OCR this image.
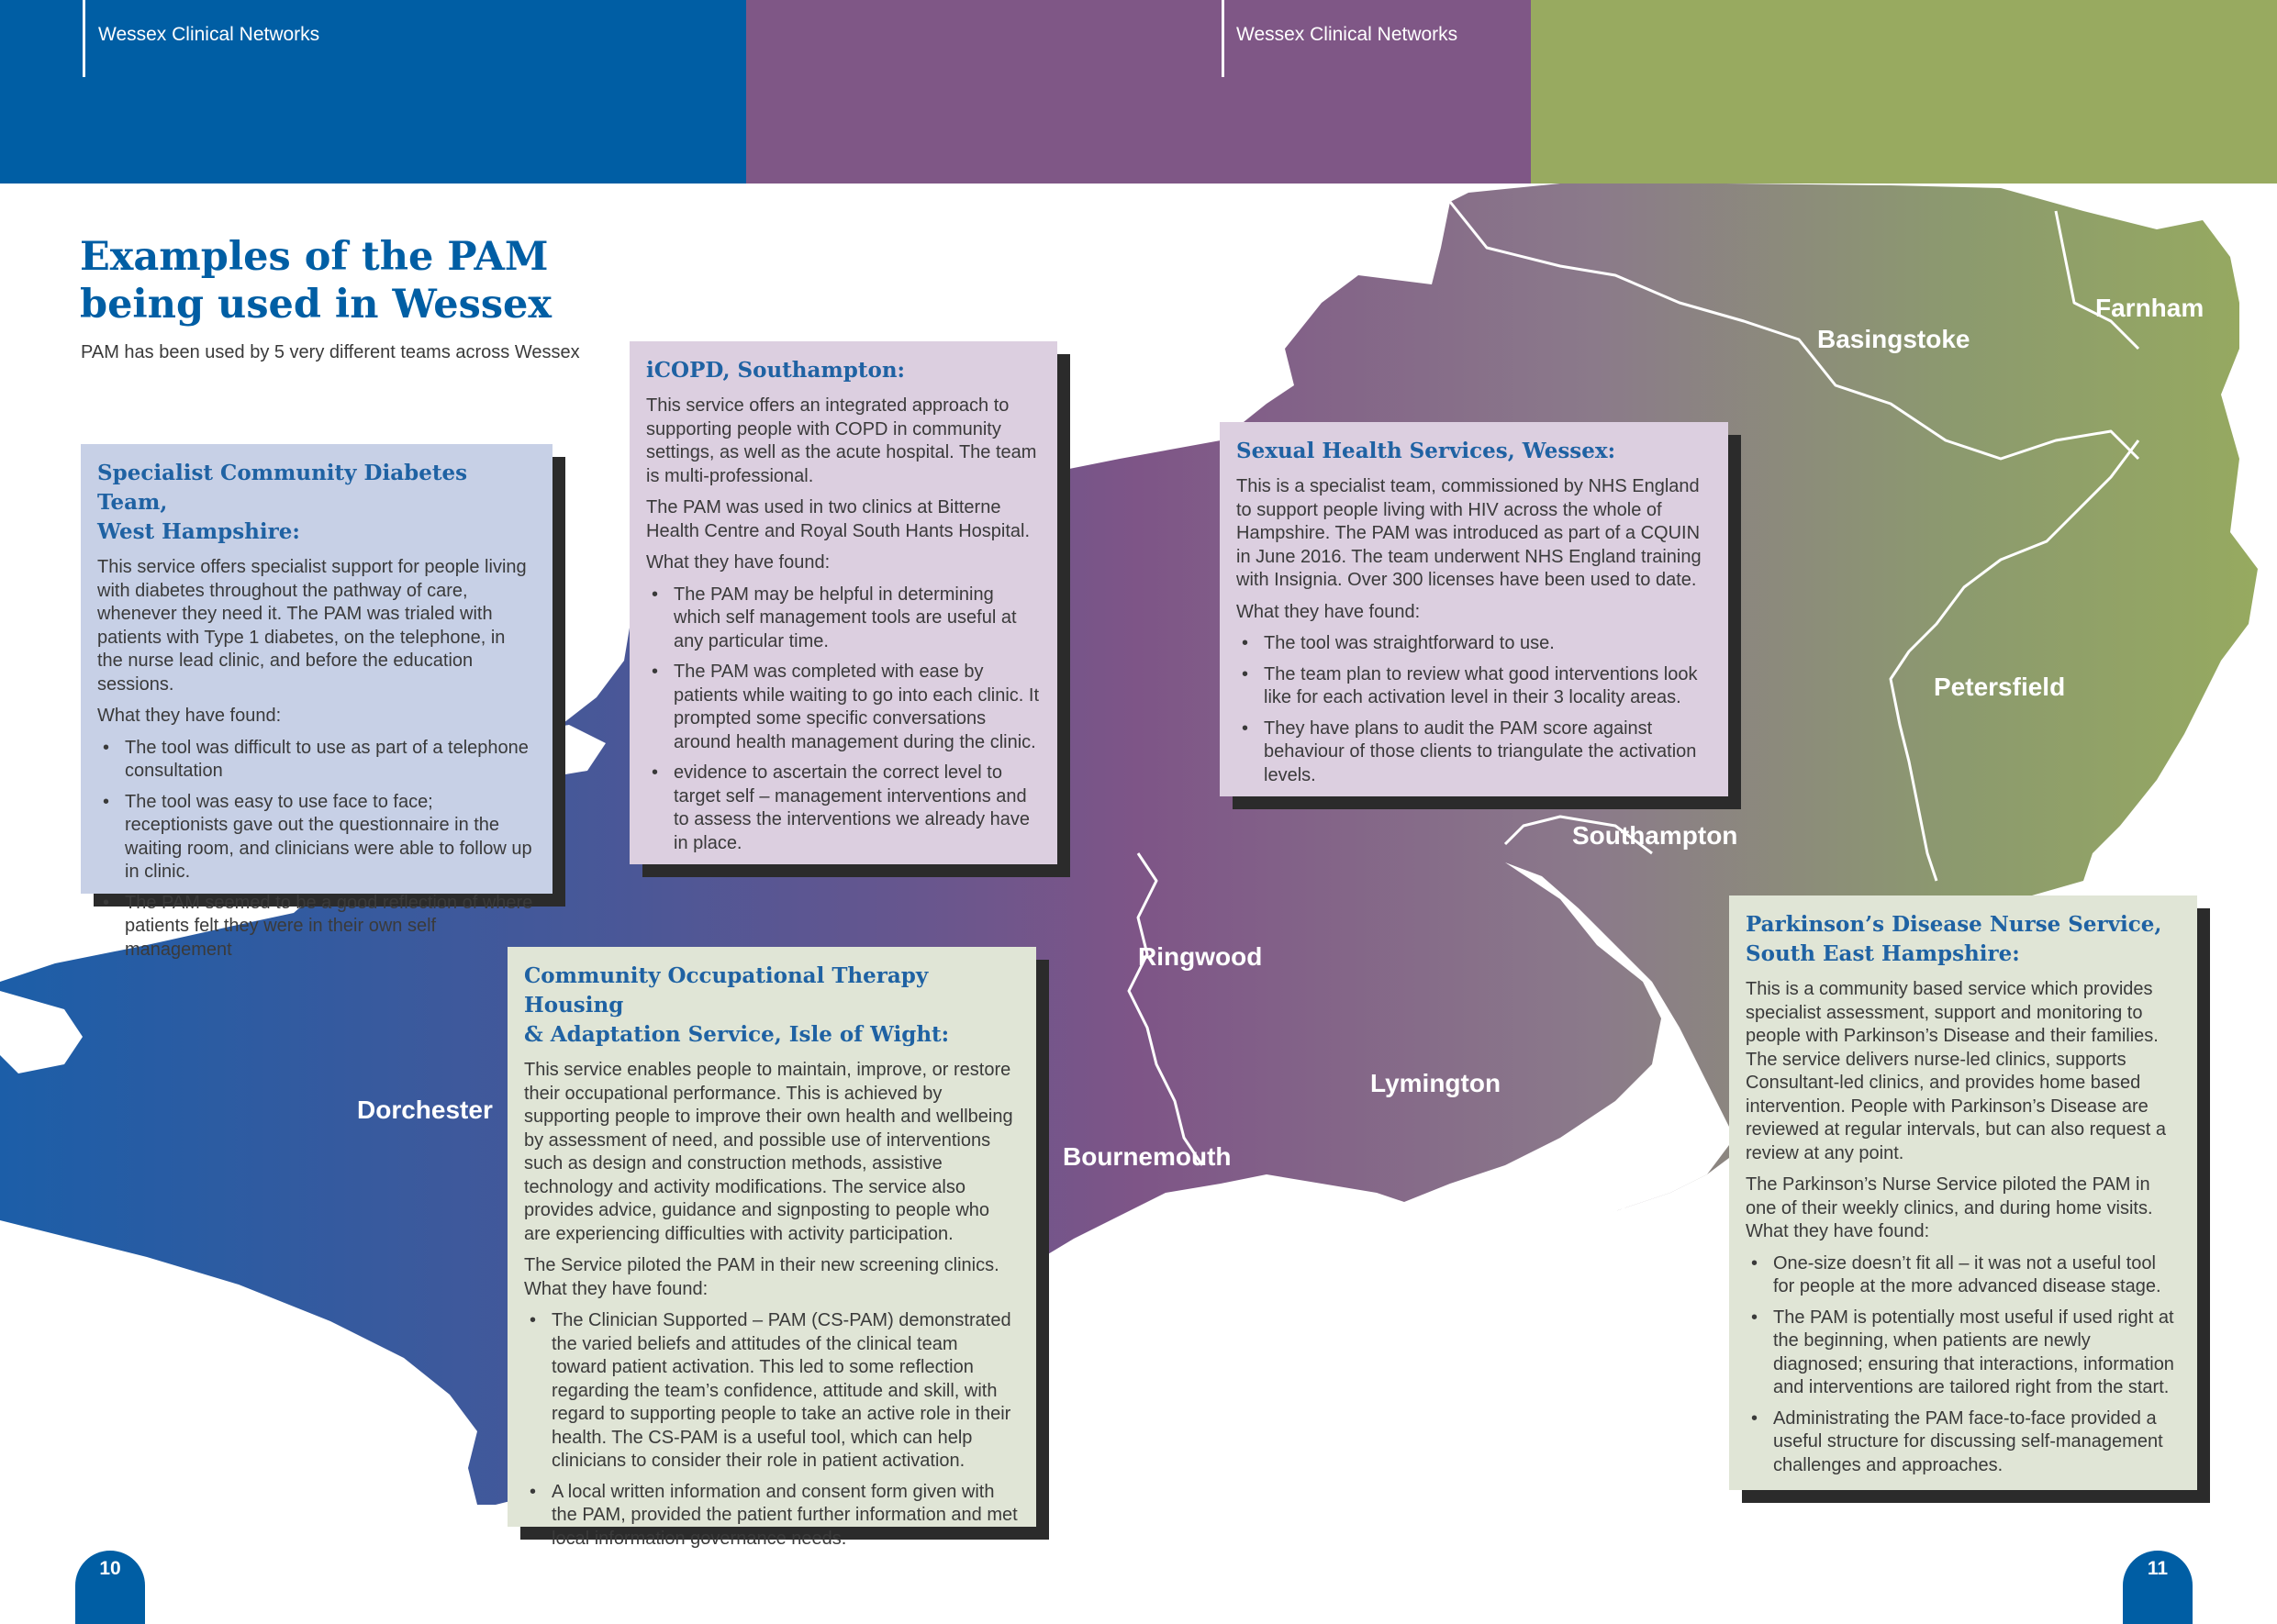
Wessex Clinical Networks	Wessex Clinical Networks
Basingstoke
Farnham
Petersfield
Southampton
Ringwood
Lymington
Bournemouth
Dorchester
Newport
Examples of the PAM
being used in Wessex
PAM has been used by 5 very different teams across Wessex
Specialist Community Diabetes Team,
West Hampshire:

This service offers specialist support for people living with diabetes throughout the pathway of care, whenever they need it. The PAM was trialed with patients with Type 1 diabetes, on the telephone, in the nurse lead clinic, and before the education sessions.

What they have found:

• The tool was difficult to use as part of a telephone consultation
• The tool was easy to use face to face; receptionists gave out the questionnaire in the waiting room, and clinicians were able to follow up in clinic.
• The PAM seemed to be a good reflection of where patients felt they were in their own self management
iCOPD, Southampton:

This service offers an integrated approach to supporting people with COPD in community settings, as well as the acute hospital. The team is multi-professional.

The PAM was used in two clinics at Bitterne Health Centre and Royal South Hants Hospital.

What they have found:

• The PAM may be helpful in determining which self management tools are useful at any particular time.
• The PAM was completed with ease by patients while waiting to go into each clinic. It prompted some specific conversations around health management during the clinic.
• evidence to ascertain the correct level to target self – management interventions and to assess the interventions we already have in place.
Sexual Health Services, Wessex:

This is a specialist team, commissioned by NHS England to support people living with HIV across the whole of Hampshire. The PAM was introduced as part of a CQUIN in June 2016. The team underwent NHS England training with Insignia. Over 300 licenses have been used to date.

What they have found:

• The tool was straightforward to use.
• The team plan to review what good interventions look like for each activation level in their 3 locality areas.
• They have plans to audit the PAM score against behaviour of those clients to triangulate the activation levels.
Community Occupational Therapy Housing
& Adaptation Service, Isle of Wight:

This service enables people to maintain, improve, or restore their occupational performance. This is achieved by supporting people to improve their own health and wellbeing by assessment of need, and possible use of interventions such as design and construction methods, assistive technology and activity modifications. The service also provides advice, guidance and signposting to people who are experiencing difficulties with activity participation.

The Service piloted the PAM in their new screening clinics. What they have found:

• The Clinician Supported – PAM (CS-PAM) demonstrated the varied beliefs and attitudes of the clinical team toward patient activation. This led to some reflection regarding the team’s confidence, attitude and skill, with regard to supporting people to take an active role in their health. The CS-PAM is a useful tool, which can help clinicians to consider their role in patient activation.
• A local written information and consent form given with the PAM, provided the patient further information and met local information governance needs.
Parkinson’s Disease Nurse Service,
South East Hampshire:

This is a community based service which provides specialist assessment, support and monitoring to people with Parkinson’s Disease and their families. The service delivers nurse-led clinics, supports Consultant-led clinics, and provides home based intervention. People with Parkinson’s Disease are reviewed at regular intervals, but can also request a review at any point.

The Parkinson’s Nurse Service piloted the PAM in one of their weekly clinics, and during home visits. What they have found:

• One-size doesn’t fit all – it was not a useful tool for people at the more advanced disease stage.
• The PAM is potentially most useful if used right at the beginning, when patients are newly diagnosed; ensuring that interactions, information and interventions are tailored right from the start.
• Administrating the PAM face-to-face provided a useful structure for discussing self-management challenges and approaches.
10	11
